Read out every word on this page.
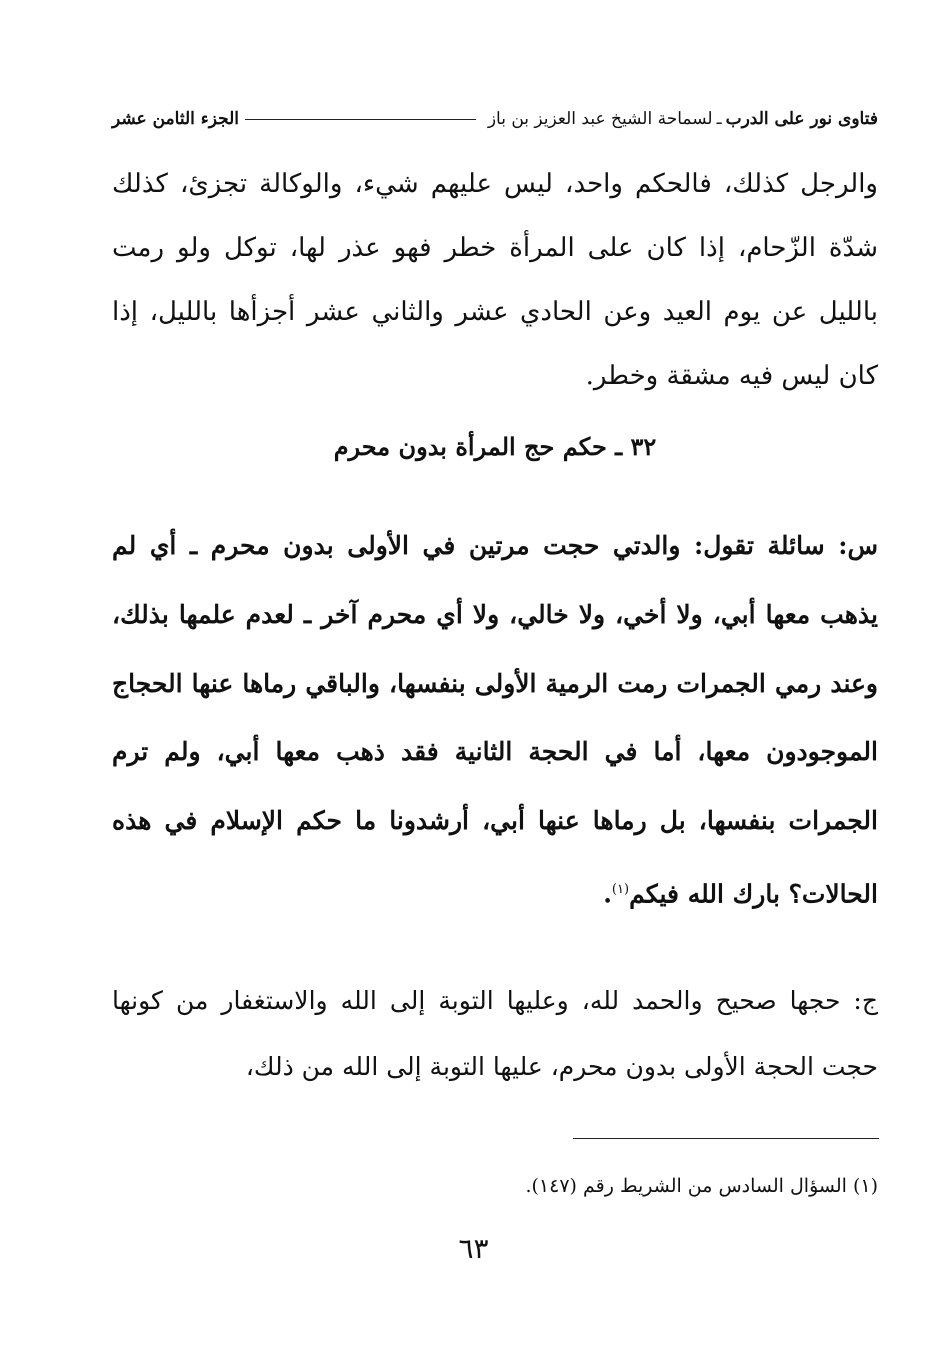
فتاوى نور على الدرب
ـ
لسماحة الشيخ عبد العزيز بن باز
الجزء الثامن عشر
والرجل كذلك، فالحكم واحد، ليس عليهم شيء، والوكالة تجزئ، كذلك شدّة الزّحام، إذا كان على المرأة خطر فهو عذر لها، توكل ولو رمت بالليل عن يوم العيد وعن الحادي عشر والثاني عشر أجزأها بالليل، إذا كان ليس فيه مشقة وخطر.
٣٢ ـ حكم حج المرأة بدون محرم
س: سائلة تقول: والدتي حجت مرتين في الأولى بدون محرم ـ أي لم يذهب معها أبي، ولا أخي، ولا خالي، ولا أي محرم آخر ـ لعدم علمها بذلك، وعند رمي الجمرات رمت الرمية الأولى بنفسها، والباقي رماها عنها الحجاج الموجودون معها، أما في الحجة الثانية فقد ذهب معها أبي، ولم ترم الجمرات بنفسها، بل رماها عنها أبي، أرشدونا ما حكم الإسلام في هذه الحالات؟ بارك الله فيكم$^{(١)}$.
ج: حجها صحيح والحمد لله، وعليها التوبة إلى الله والاستغفار من كونها حجت الحجة الأولى بدون محرم، عليها التوبة إلى الله من ذلك،
(١) السؤال السادس من الشريط رقم (١٤٧).
٦٣
